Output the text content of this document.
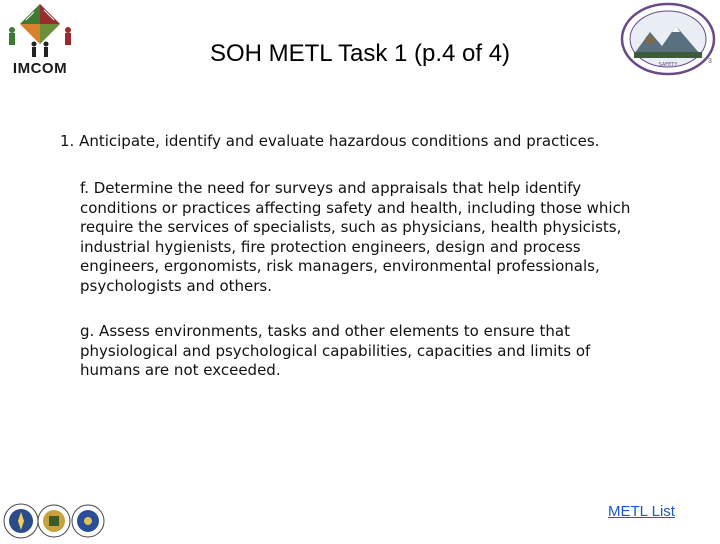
IMCOM
SOH METL Task 1 (p.4 of 4)	SAFETY	3
1. Anticipate, identify and evaluate hazardous conditions and practices.
f. Determine the need for surveys and appraisals that help identify
conditions or practices affecting safety and health, including those which
require the services of specialists, such as physicians, health physicists,
industrial hygienists, fire protection engineers, design and process
engineers, ergonomists, risk managers, environmental professionals,
psychologists and others.
g. Assess environments, tasks and other elements to ensure that
physiological and psychological capabilities, capacities and limits of
humans are not exceeded.
METL List
